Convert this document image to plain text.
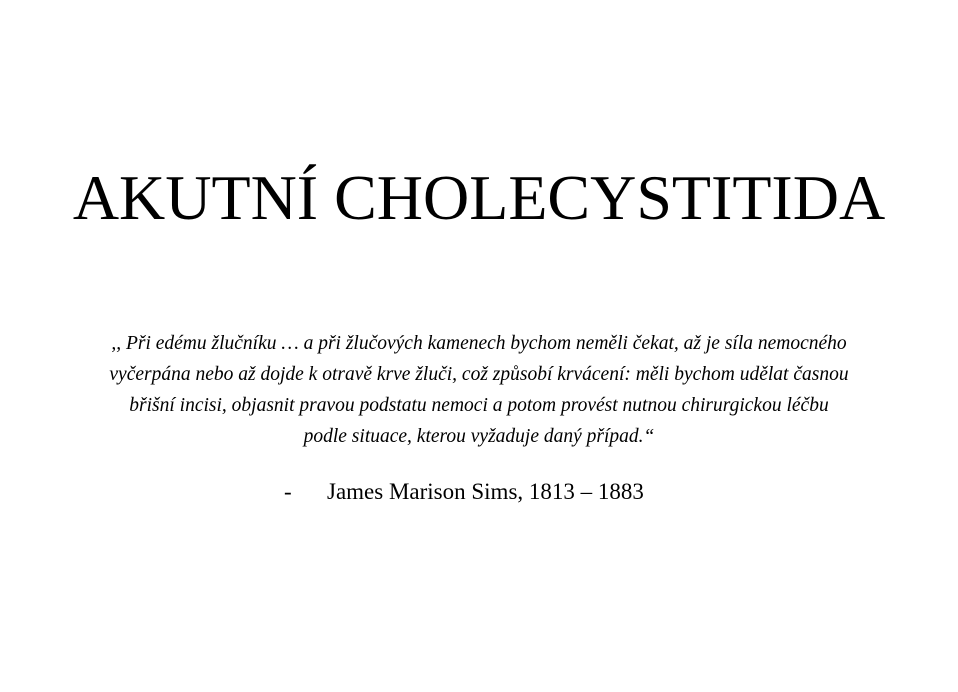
AKUTNÍ CHOLECYSTITIDA

,, Při edému žlučníku … a při žlučových kamenech bychom neměli čekat, až je síla nemocného
vyčerpána nebo až dojde k otravě krve žluči, což způsobí krvácení: měli bychom udělat časnou
břišní incisi, objasnit pravou podstatu nemoci a potom provést nutnou chirurgickou léčbu
podle situace, kterou vyžaduje daný případ.“

- James Marison Sims, 1813 – 1883
